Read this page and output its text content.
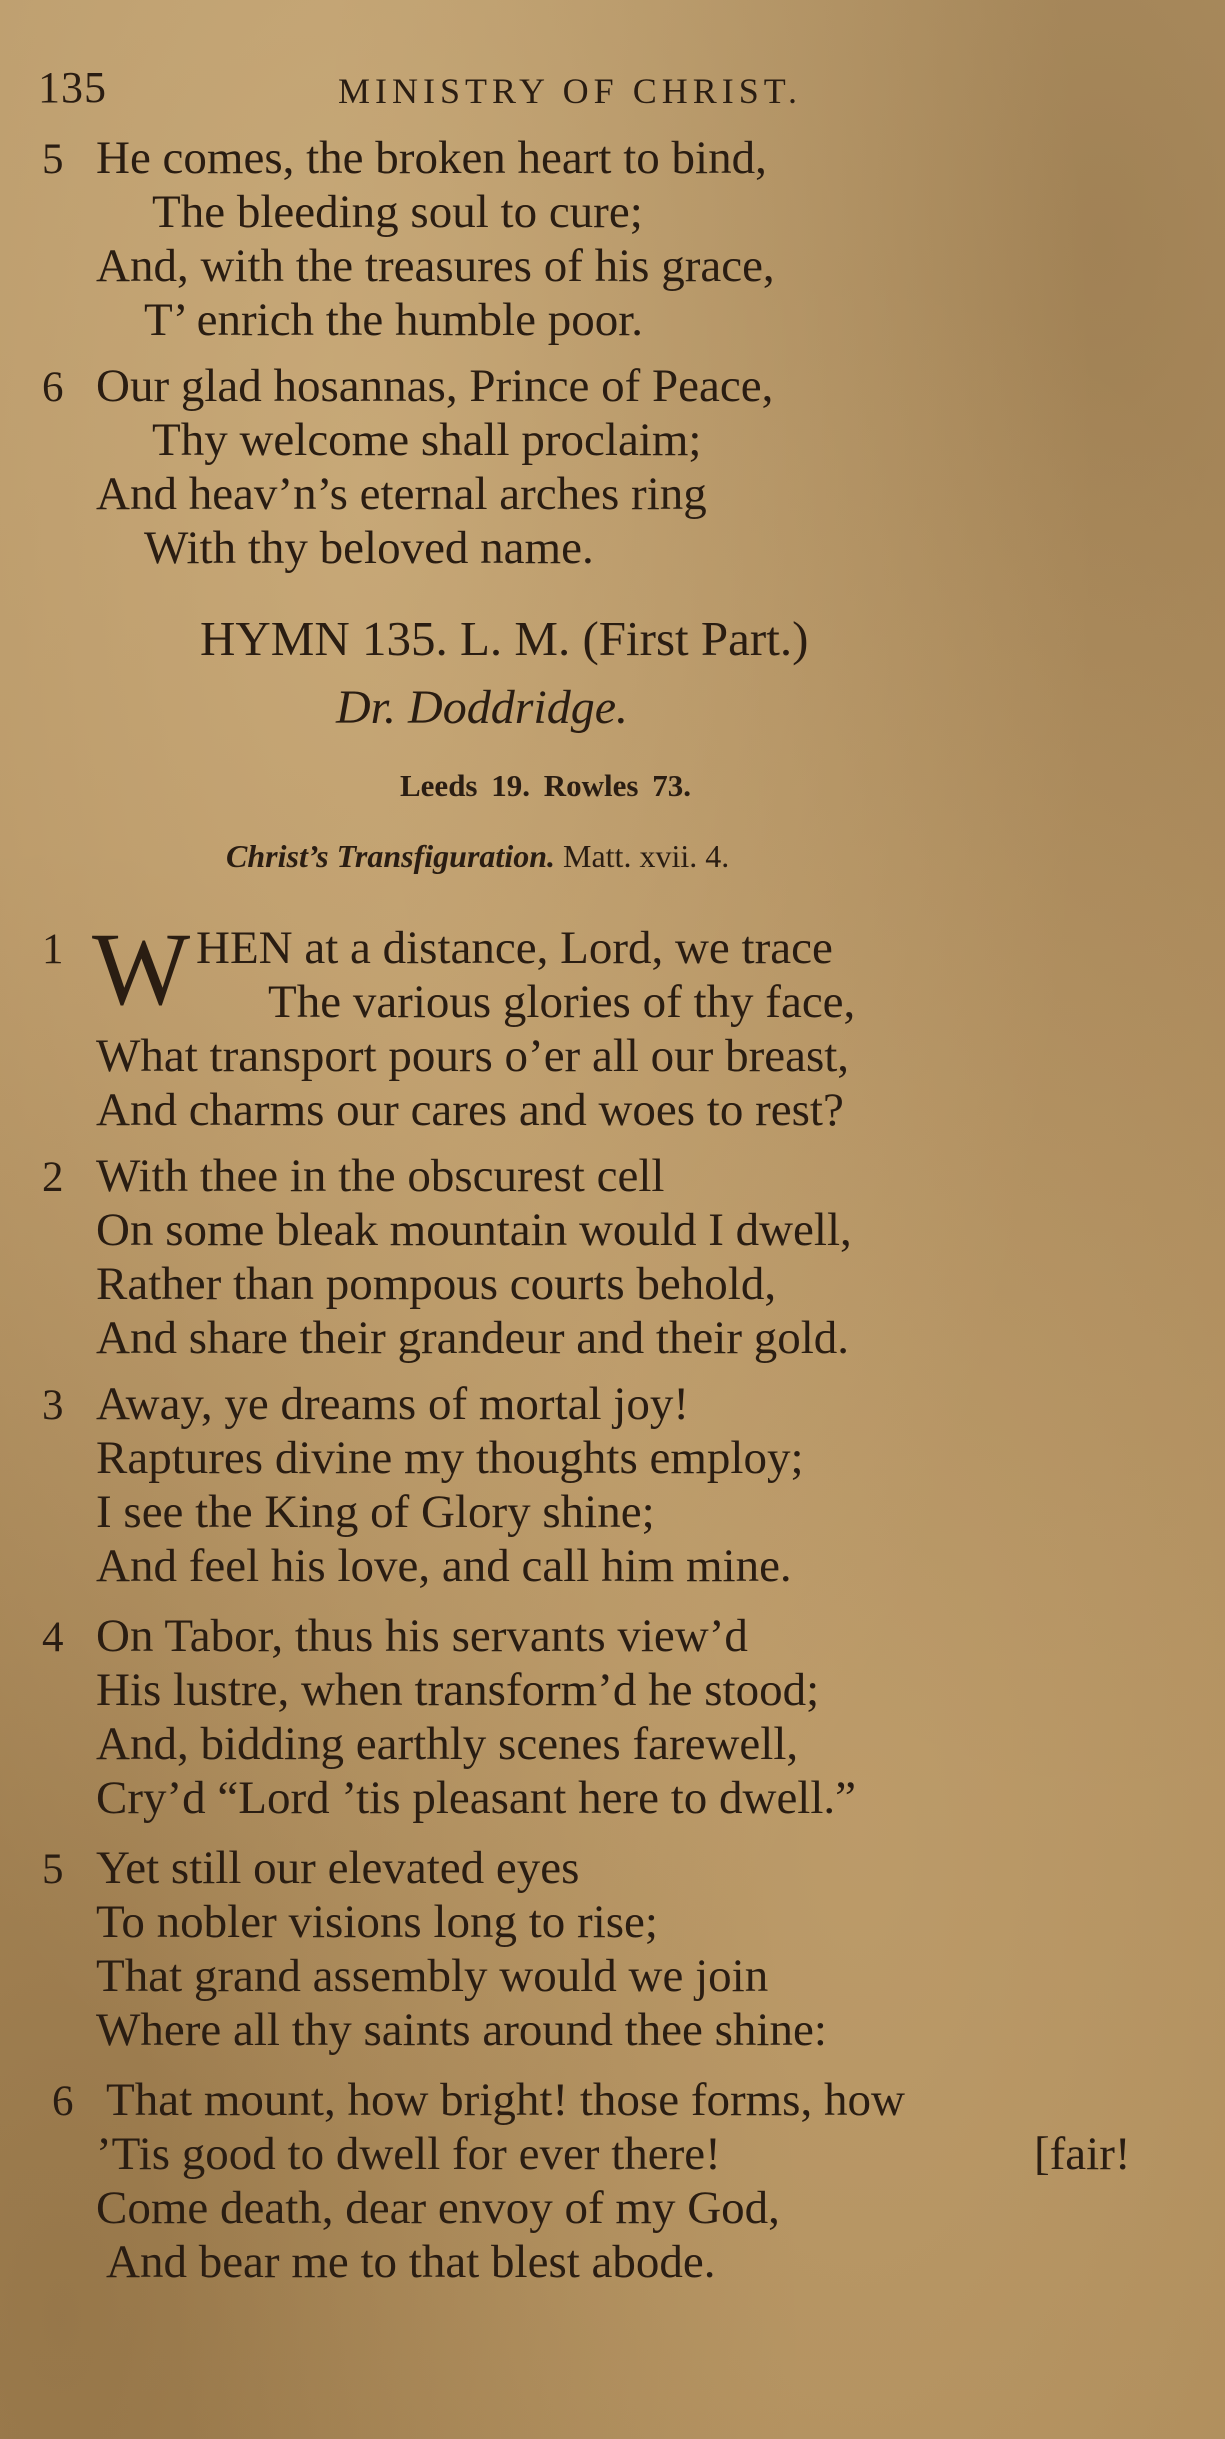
135	MINISTRY OF CHRIST.
5 He comes, the broken heart to bind,
The bleeding soul to cure;
And, with the treasures of his grace,
T’ enrich the humble poor.
6 Our glad hosannas, Prince of Peace,
Thy welcome shall proclaim;
And heav’n’s eternal arches ring
With thy beloved name.
HYMN 135. L. M. (First Part.)
Dr. Doddridge.
Leeds 19. Rowles 73.
Christ’s Transfiguration. Matt. xvii. 4.
1 W HEN at a distance, Lord, we trace
The various glories of thy face,
What transport pours o’er all our breast,
And charms our cares and woes to rest?
2 With thee in the obscurest cell
On some bleak mountain would I dwell,
Rather than pompous courts behold,
And share their grandeur and their gold.
3 Away, ye dreams of mortal joy!
Raptures divine my thoughts employ;
I see the King of Glory shine;
And feel his love, and call him mine.
4 On Tabor, thus his servants view’d
His lustre, when transform’d he stood;
And, bidding earthly scenes farewell,
Cry’d “Lord ’tis pleasant here to dwell.”
5 Yet still our elevated eyes
To nobler visions long to rise;
That grand assembly would we join
Where all thy saints around thee shine:
6 That mount, how bright! those forms, how
’Tis good to dwell for ever there!	[fair!
Come death, dear envoy of my God,
And bear me to that blest abode.
